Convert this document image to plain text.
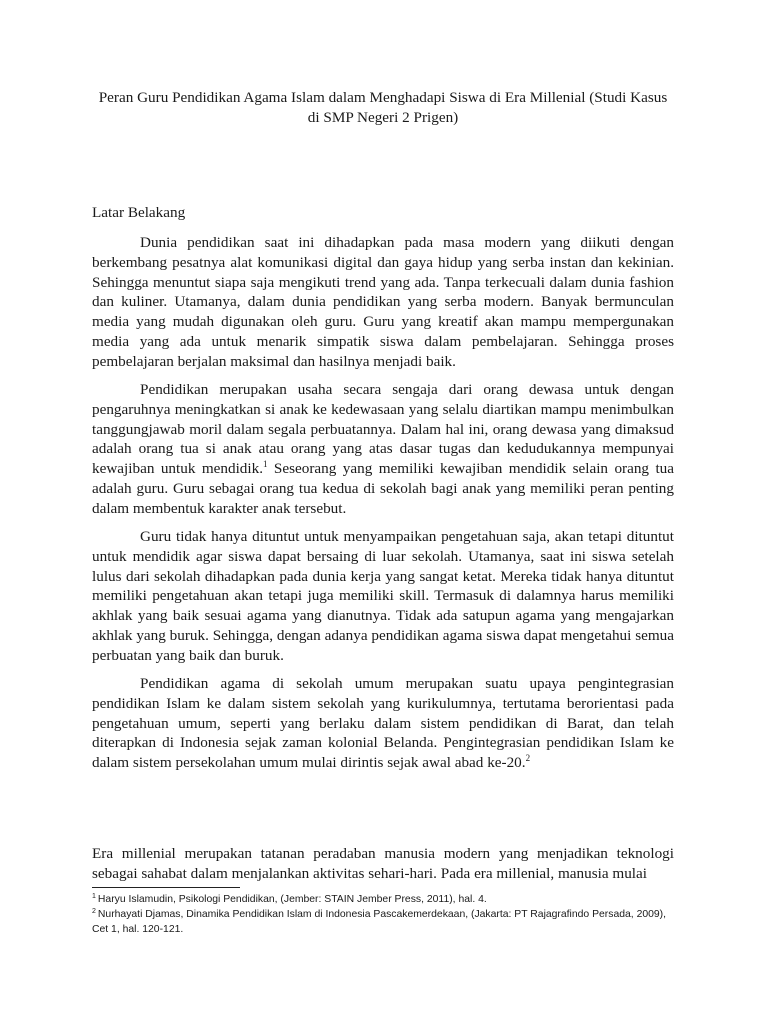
Peran Guru Pendidikan Agama Islam dalam Menghadapi Siswa di Era Millenial (Studi Kasus di SMP Negeri 2 Prigen)
Latar Belakang

Dunia pendidikan saat ini dihadapkan pada masa modern yang diikuti dengan berkembang pesatnya alat komunikasi digital dan gaya hidup yang serba instan dan kekinian. Sehingga menuntut siapa saja mengikuti trend yang ada. Tanpa terkecuali dalam dunia fashion dan kuliner. Utamanya, dalam dunia pendidikan yang serba modern. Banyak bermunculan media yang mudah digunakan oleh guru. Guru yang kreatif akan mampu mempergunakan media yang ada untuk menarik simpatik siswa dalam pembelajaran. Sehingga proses pembelajaran berjalan maksimal dan hasilnya menjadi baik.

Pendidikan merupakan usaha secara sengaja dari orang dewasa untuk dengan pengaruhnya meningkatkan si anak ke kedewasaan yang selalu diartikan mampu menimbulkan tanggungjawab moril dalam segala perbuatannya. Dalam hal ini, orang dewasa yang dimaksud adalah orang tua si anak atau orang yang atas dasar tugas dan kedudukannya mempunyai kewajiban untuk mendidik.$^1$ Seseorang yang memiliki kewajiban mendidik selain orang tua adalah guru. Guru sebagai orang tua kedua di sekolah bagi anak yang memiliki peran penting dalam membentuk karakter anak tersebut.

Guru tidak hanya dituntut untuk menyampaikan pengetahuan saja, akan tetapi dituntut untuk mendidik agar siswa dapat bersaing di luar sekolah. Utamanya, saat ini siswa setelah lulus dari sekolah dihadapkan pada dunia kerja yang sangat ketat. Mereka tidak hanya dituntut memiliki pengetahuan akan tetapi juga memiliki skill. Termasuk di dalamnya harus memiliki akhlak yang baik sesuai agama yang dianutnya. Tidak ada satupun agama yang mengajarkan akhlak yang buruk. Sehingga, dengan adanya pendidikan agama siswa dapat mengetahui semua perbuatan yang baik dan buruk.

Pendidikan agama di sekolah umum merupakan suatu upaya pengintegrasian pendidikan Islam ke dalam sistem sekolah yang kurikulumnya, tertutama berorientasi pada pengetahuan umum, seperti yang berlaku dalam sistem pendidikan di Barat, dan telah diterapkan di Indonesia sejak zaman kolonial Belanda. Pengintegrasian pendidikan Islam ke dalam sistem persekolahan umum mulai dirintis sejak awal abad ke-20.$^2$

Era millenial merupakan tatanan peradaban manusia modern yang menjadikan teknologi sebagai sahabat dalam menjalankan aktivitas sehari-hari. Pada era millenial, manusia mulai

$^1$ Haryu Islamudin, Psikologi Pendidikan, (Jember: STAIN Jember Press, 2011), hal. 4.

$^2$ Nurhayati Djamas, Dinamika Pendidikan Islam di Indonesia Pascakemerdekaan, (Jakarta: PT Rajagrafindo Persada, 2009), Cet 1, hal. 120-121.
